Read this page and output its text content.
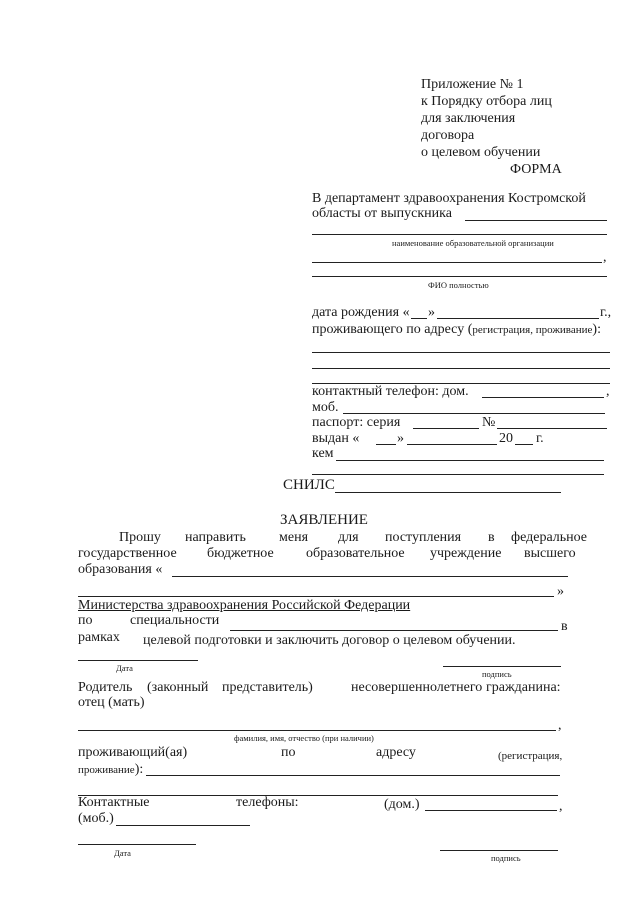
Приложение № 1
к Порядку отбора лиц
для заключения
договора
о целевом обучении
ФОРМА
В департамент здравоохранения Костромской
областы от выпускника
наименование образовательной организации
,
ФИО полностью
дата рождения « »	г.,
проживающего по адресу (регистрация, проживание):
контактный телефон: дом.	,
моб.
паспорт: серия	№
выдан «	»	20 г.
кем
СНИЛС
ЗАЯВЛЕНИЕ
Прошу направить меня для поступления в федеральное
государственное бюджетное образовательное учреждение высшего
образования «
»
Министерства здравоохранения Российской Федерации
по	специальности	в
рамках целевой подготовки и заключить договор о целевом обучении.
Дата
подпись
Родитель (законный представитель)	несовершеннолетнего гражданина:
отец (мать)
,
фамилия, имя, отчество (при наличии)
проживающий(ая)	по	адресу	(регистрация,
проживание):
Контактные	телефоны:	(дом.)	,
(моб.)
Дата	подпись
